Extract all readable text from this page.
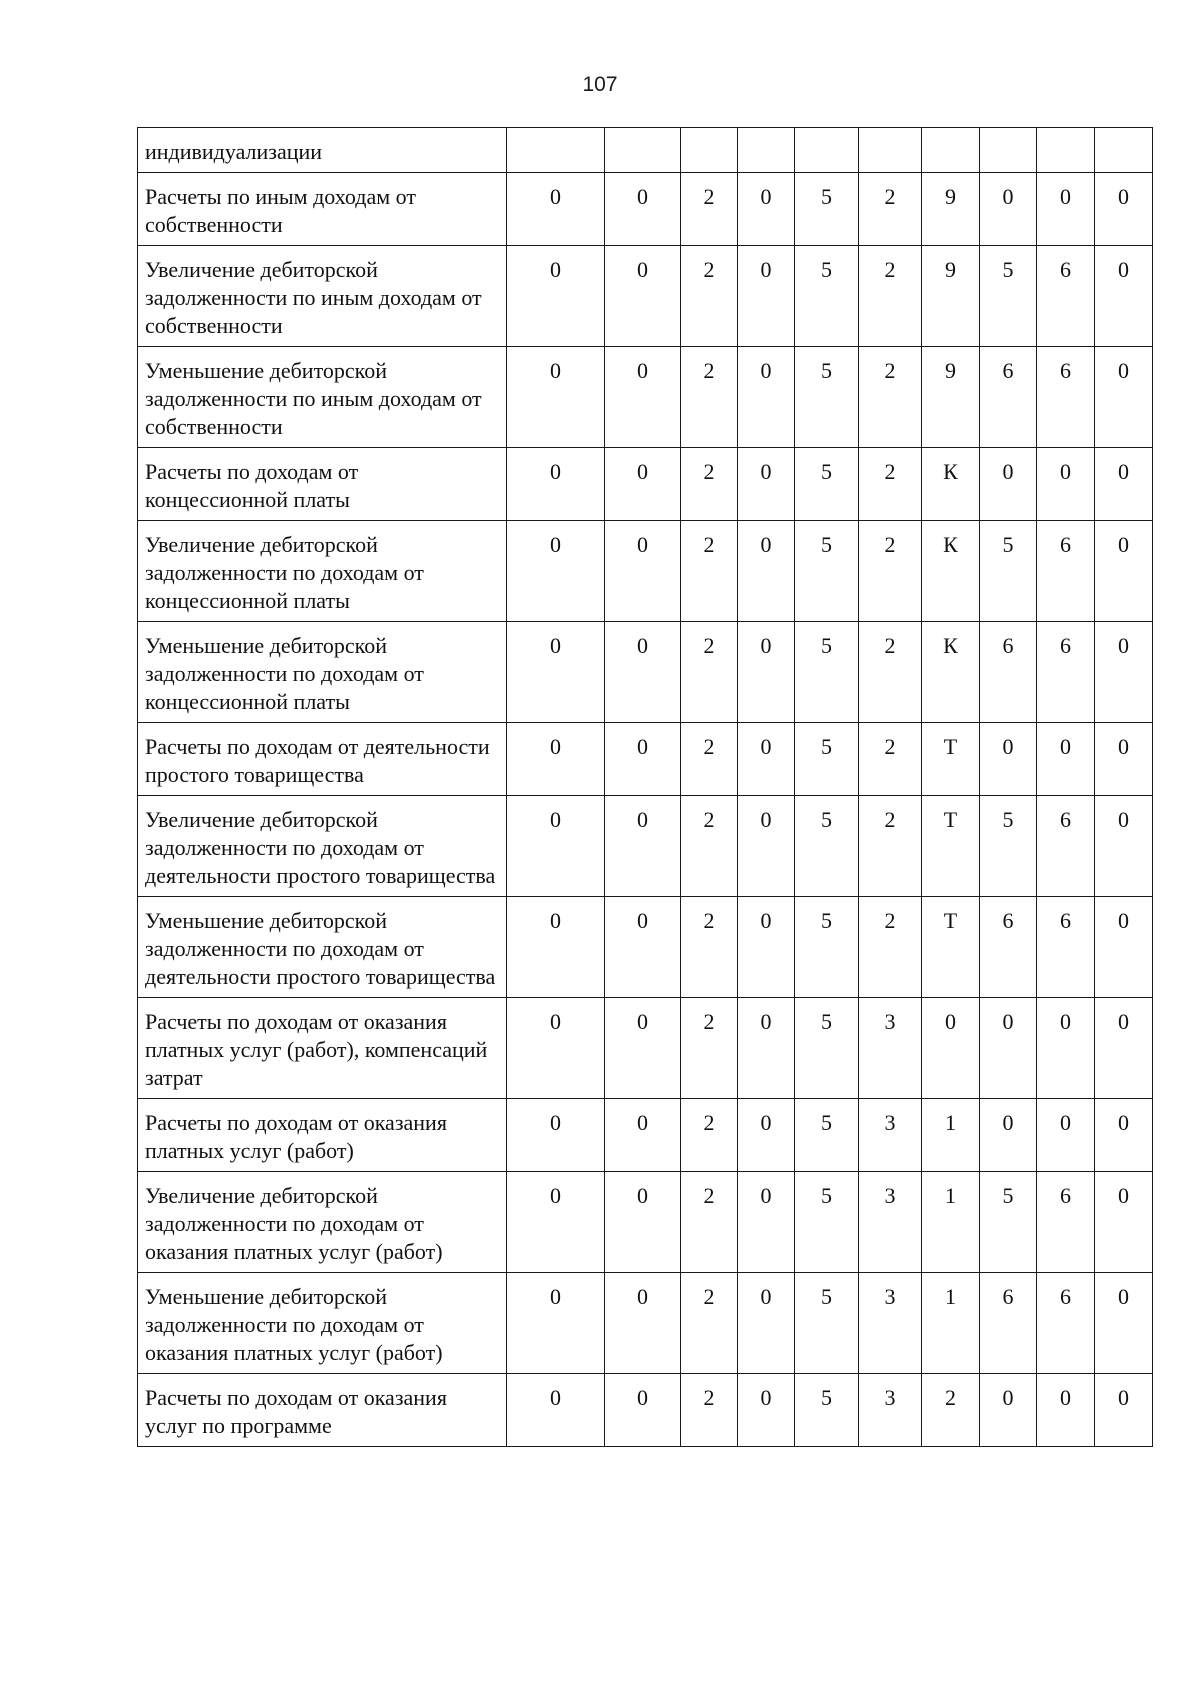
107
индивидуализации										
Расчеты по иным доходам от собственности	0	0	2	0	5	2	9	0	0	0
Увеличение дебиторской задолженности по иным доходам от собственности	0	0	2	0	5	2	9	5	6	0
Уменьшение дебиторской задолженности по иным доходам от собственности	0	0	2	0	5	2	9	6	6	0
Расчеты по доходам от концессионной платы	0	0	2	0	5	2	К	0	0	0
Увеличение дебиторской задолженности по доходам от концессионной платы	0	0	2	0	5	2	К	5	6	0
Уменьшение дебиторской задолженности по доходам от концессионной платы	0	0	2	0	5	2	К	6	6	0
Расчеты по доходам от деятельности простого товарищества	0	0	2	0	5	2	Т	0	0	0
Увеличение дебиторской задолженности по доходам от деятельности простого товарищества	0	0	2	0	5	2	Т	5	6	0
Уменьшение дебиторской задолженности по доходам от деятельности простого товарищества	0	0	2	0	5	2	Т	6	6	0
Расчеты по доходам от оказания платных услуг (работ), компенсаций затрат	0	0	2	0	5	3	0	0	0	0
Расчеты по доходам от оказания платных услуг (работ)	0	0	2	0	5	3	1	0	0	0
Увеличение дебиторской задолженности по доходам от оказания платных услуг (работ)	0	0	2	0	5	3	1	5	6	0
Уменьшение дебиторской задолженности по доходам от оказания платных услуг (работ)	0	0	2	0	5	3	1	6	6	0
Расчеты по доходам от оказания услуг по программе	0	0	2	0	5	3	2	0	0	0
